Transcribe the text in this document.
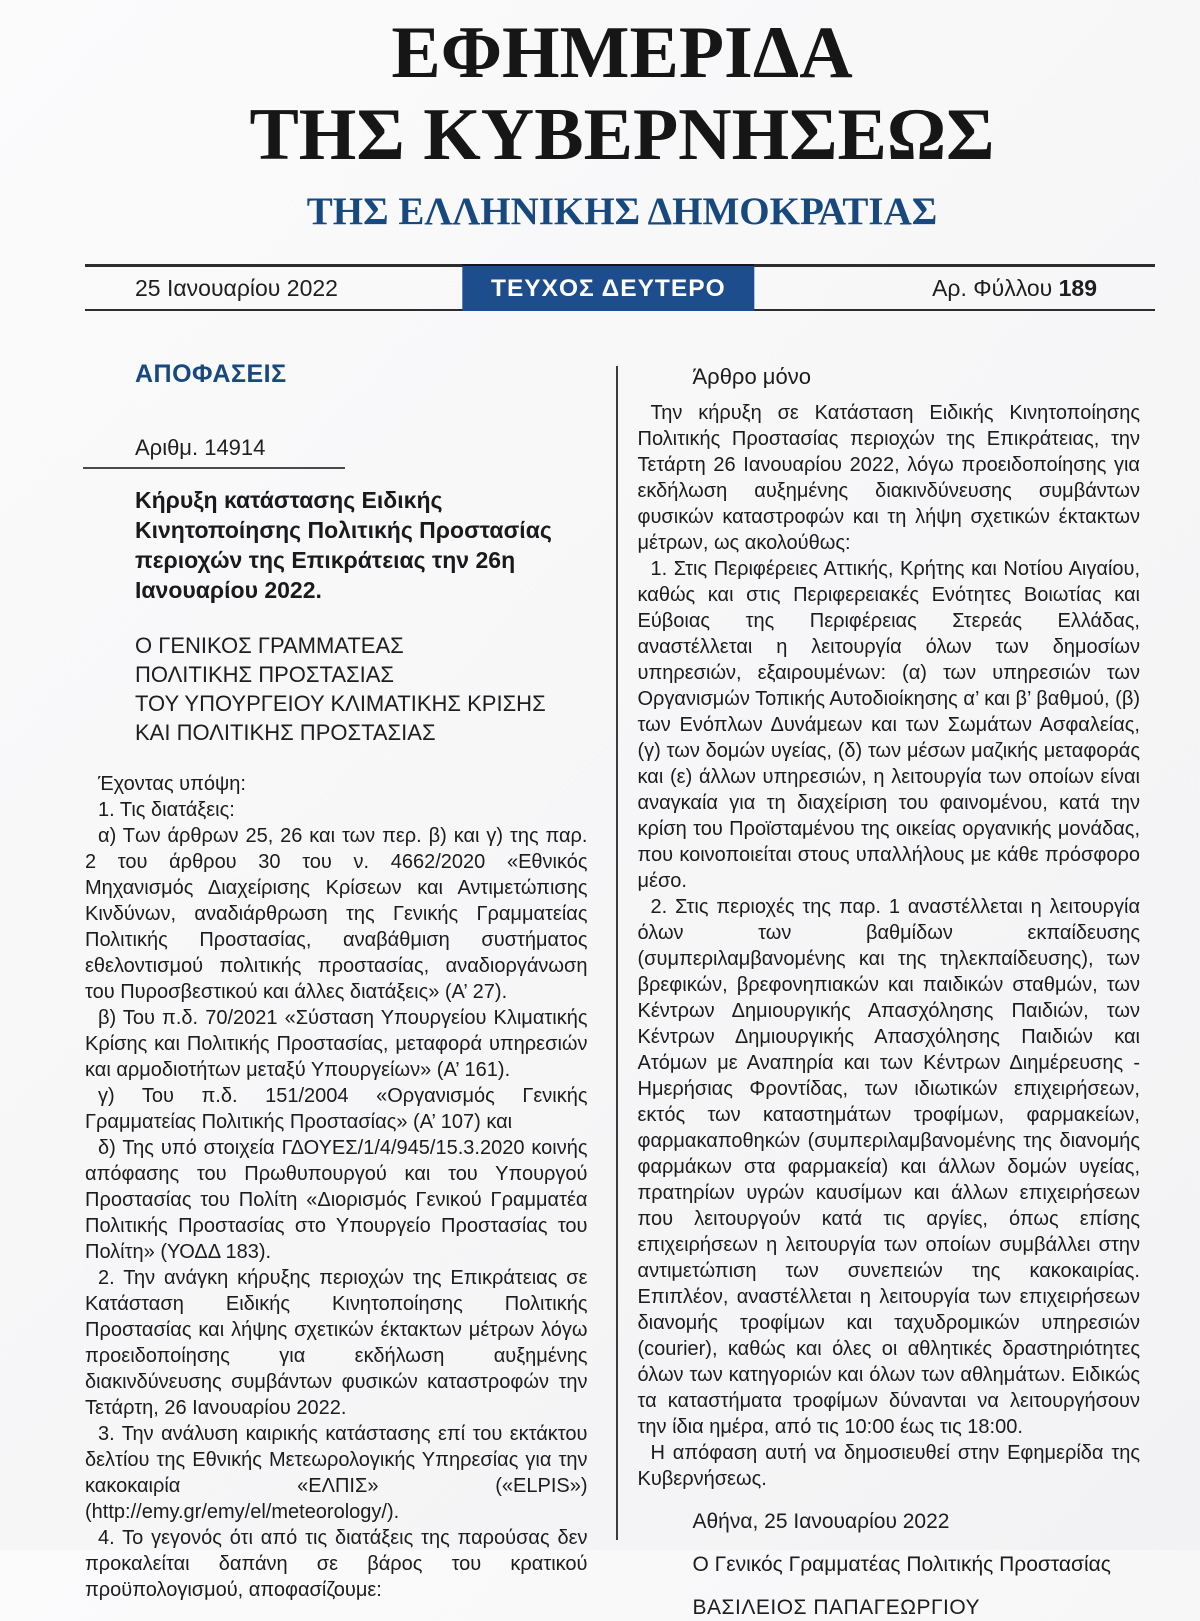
ΕΦΗΜΕΡΙΔΑ
ΤΗΣ ΚΥΒΕΡΝΗΣΕΩΣ
ΤΗΣ ΕΛΛΗΝΙΚΗΣ ΔΗΜΟΚΡΑΤΙΑΣ
25 Ιανουαρίου 2022	ΤΕΥΧΟΣ ΔΕΥΤΕΡΟ	Αρ. Φύλλου 189
ΑΠΟΦΑΣΕΙΣ
Αριθμ. 14914
Κήρυξη κατάστασης Ειδικής Κινητοποίησης Πολιτικής Προστασίας περιοχών της Επικράτειας την 26η Ιανουαρίου 2022.
Ο ΓΕΝΙΚΟΣ ΓΡΑΜΜΑΤΕΑΣ
ΠΟΛΙΤΙΚΗΣ ΠΡΟΣΤΑΣΙΑΣ
ΤΟΥ ΥΠΟΥΡΓΕΙΟΥ ΚΛΙΜΑΤΙΚΗΣ ΚΡΙΣΗΣ
ΚΑΙ ΠΟΛΙΤΙΚΗΣ ΠΡΟΣΤΑΣΙΑΣ

Έχοντας υπόψη:

1. Τις διατάξεις:

α) Των άρθρων 25, 26 και των περ. β) και γ) της παρ. 2 του άρθρου 30 του ν. 4662/2020 «Εθνικός Μηχανισμός Διαχείρισης Κρίσεων και Αντιμετώπισης Κινδύνων, αναδιάρθρωση της Γενικής Γραμματείας Πολιτικής Προστασίας, αναβάθμιση συστήματος εθελοντισμού πολιτικής προστασίας, αναδιοργάνωση του Πυροσβεστικού και άλλες διατάξεις» (Α’ 27).

β) Του π.δ. 70/2021 «Σύσταση Υπουργείου Κλιματικής Κρίσης και Πολιτικής Προστασίας, μεταφορά υπηρεσιών και αρμοδιοτήτων μεταξύ Υπουργείων» (Α’ 161).

γ) Του π.δ. 151/2004 «Οργανισμός Γενικής Γραμματείας Πολιτικής Προστασίας» (Α’ 107) και

δ) Της υπό στοιχεία ΓΔΟΥΕΣ/1/4/945/15.3.2020 κοινής απόφασης του Πρωθυπουργού και του Υπουργού Προστασίας του Πολίτη «Διορισμός Γενικού Γραμματέα Πολιτικής Προστασίας στο Υπουργείο Προστασίας του Πολίτη» (ΥΟΔΔ 183).

2. Την ανάγκη κήρυξης περιοχών της Επικράτειας σε Κατάσταση Ειδικής Κινητοποίησης Πολιτικής Προστασίας και λήψης σχετικών έκτακτων μέτρων λόγω προειδοποίησης για εκδήλωση αυξημένης διακινδύνευσης συμβάντων φυσικών καταστροφών την Τετάρτη, 26 Ιανουαρίου 2022.

3. Την ανάλυση καιρικής κατάστασης επί του εκτάκτου δελτίου της Εθνικής Μετεωρολογικής Υπηρεσίας για την κακοκαιρία «ΕΛΠΙΣ» («ELPIS») (http://emy.gr/emy/el/meteorology/).

4. Το γεγονός ότι από τις διατάξεις της παρούσας δεν προκαλείται δαπάνη σε βάρος του κρατικού προϋπολογισμού, αποφασίζουμε:

Άρθρο μόνο

Την κήρυξη σε Κατάσταση Ειδικής Κινητοποίησης Πολιτικής Προστασίας περιοχών της Επικράτειας, την Τετάρτη 26 Ιανουαρίου 2022, λόγω προειδοποίησης για εκδήλωση αυξημένης διακινδύνευσης συμβάντων φυσικών καταστροφών και τη λήψη σχετικών έκτακτων μέτρων, ως ακολούθως:

1. Στις Περιφέρειες Αττικής, Κρήτης και Νοτίου Αιγαίου, καθώς και στις Περιφερειακές Ενότητες Βοιωτίας και Εύβοιας της Περιφέρειας Στερεάς Ελλάδας, αναστέλλεται η λειτουργία όλων των δημοσίων υπηρεσιών, εξαιρουμένων: (α) των υπηρεσιών των Οργανισμών Τοπικής Αυτοδιοίκησης α’ και β’ βαθμού, (β) των Ενόπλων Δυνάμεων και των Σωμάτων Ασφαλείας, (γ) των δομών υγείας, (δ) των μέσων μαζικής μεταφοράς και (ε) άλλων υπηρεσιών, η λειτουργία των οποίων είναι αναγκαία για τη διαχείριση του φαινομένου, κατά την κρίση του Προϊσταμένου της οικείας οργανικής μονάδας, που κοινοποιείται στους υπαλλήλους με κάθε πρόσφορο μέσο.

2. Στις περιοχές της παρ. 1 αναστέλλεται η λειτουργία όλων των βαθμίδων εκπαίδευσης (συμπεριλαμβανομένης και της τηλεκπαίδευσης), των βρεφικών, βρεφονηπιακών και παιδικών σταθμών, των Κέντρων Δημιουργικής Απασχόλησης Παιδιών, των Κέντρων Δημιουργικής Απασχόλησης Παιδιών και Ατόμων με Αναπηρία και των Κέντρων Διημέρευσης - Ημερήσιας Φροντίδας, των ιδιωτικών επιχειρήσεων, εκτός των καταστημάτων τροφίμων, φαρμακείων, φαρμακαποθηκών (συμπεριλαμβανομένης της διανομής φαρμάκων στα φαρμακεία) και άλλων δομών υγείας, πρατηρίων υγρών καυσίμων και άλλων επιχειρήσεων που λειτουργούν κατά τις αργίες, όπως επίσης επιχειρήσεων η λειτουργία των οποίων συμβάλλει στην αντιμετώπιση των συνεπειών της κακοκαιρίας. Επιπλέον, αναστέλλεται η λειτουργία των επιχειρήσεων διανομής τροφίμων και ταχυδρομικών υπηρεσιών (courier), καθώς και όλες οι αθλητικές δραστηριότητες όλων των κατηγοριών και όλων των αθλημάτων. Ειδικώς τα καταστήματα τροφίμων δύνανται να λειτουργήσουν την ίδια ημέρα, από τις 10:00 έως τις 18:00.

Η απόφαση αυτή να δημοσιευθεί στην Εφημερίδα της Κυβερνήσεως.

Αθήνα, 25 Ιανουαρίου 2022
Ο Γενικός Γραμματέας Πολιτικής Προστασίας
ΒΑΣΙΛΕΙΟΣ ΠΑΠΑΓΕΩΡΓΙΟΥ
